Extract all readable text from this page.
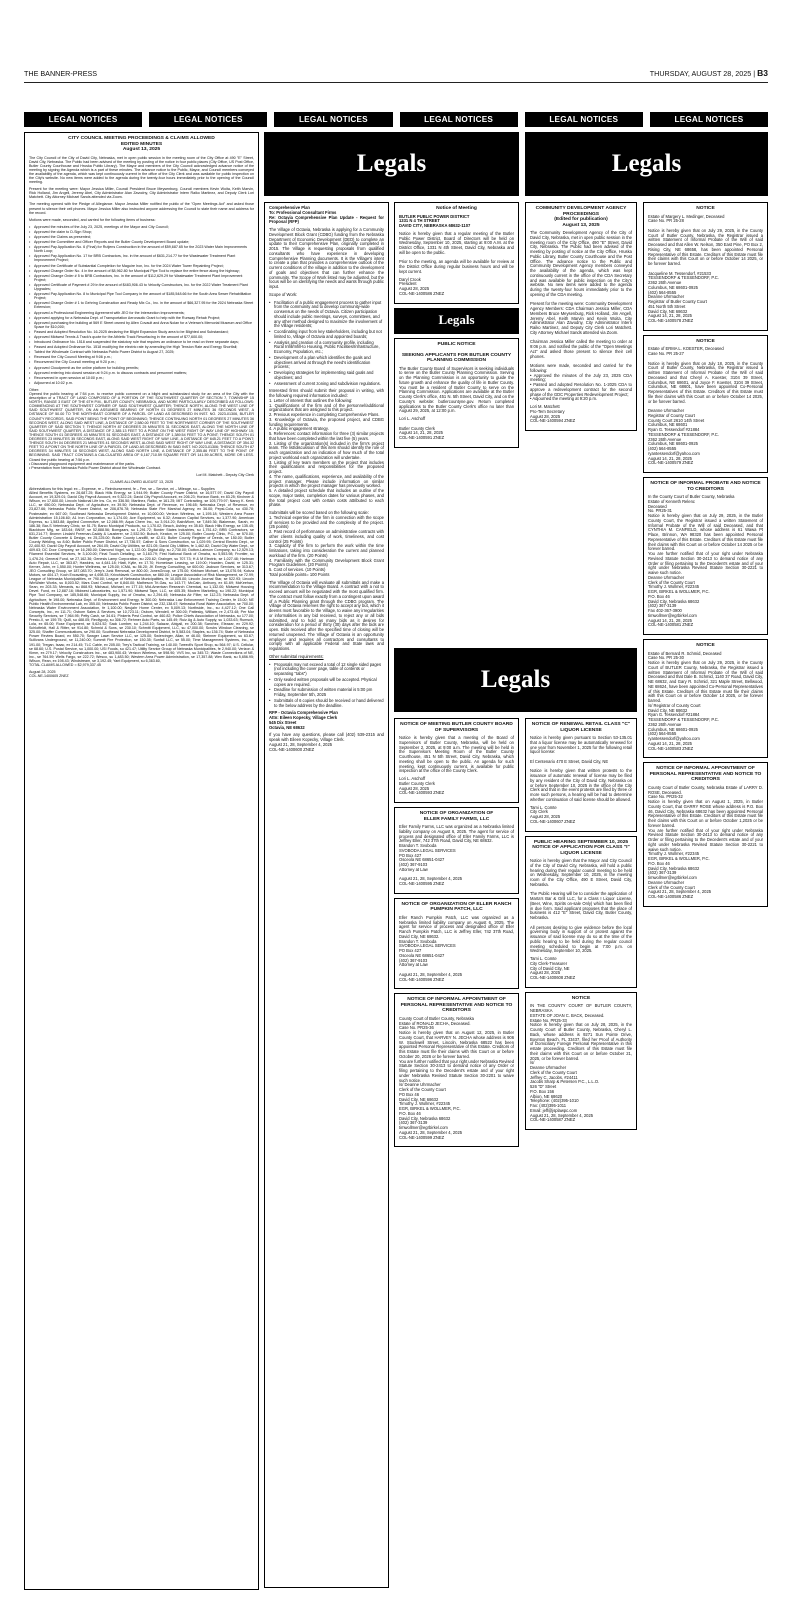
THE BANNER-PRESS	THURSDAY, AUGUST 28, 2025 | B3
LEGAL NOTICES	LEGAL NOTICES	LEGAL NOTICES	LEGAL NOTICES	LEGAL NOTICES	LEGAL NOTICES
CITY COUNCIL MEETING PROCEEDINGS & CLAIMS ALLOWED
EDITED MINUTES
August 13, 2025

The City Council of the City of David City, Nebraska, met in open public session in the meeting room of the City Office at 490 "E" Street, David City, Nebraska. The Public had been advised of the meeting by posting of the notice in four public places (City Office, US Post Office, Butler County Courthouse and Hruska Public Library). The Mayor and members of the City Council acknowledged advance notice of the meeting by signing the Agenda which is a part of these minutes. The advance notice to the Public, Mayor, and Council members conveyed the availability of the agenda, which was kept continuously current in the office of the City Clerk and was available for public inspection on the City's website. No new items were added to the agenda during the twenty-four hours immediately prior to the opening of the Council meeting.

Present for the meeting were: Mayor Jessica Miller, Council President Bruce Meysenburg, Council members Kevin Woita, Keith Marvin, Rick Holland, Jim Angell, Jeremy Abel, City Administrator Alan Zavodny, City Administrator Intern Raiko Martinez, and Deputy Clerk Lori Matchett. City Attorney Michael Sands attended via Zoom.

The meeting opened with the Pledge of Allegiance. Mayor Jessica Miller notified the public of the "Open Meetings Act" and asked those present to silence their cell phones. Mayor Jessica Miller also instructed anyone addressing the Council to state their name and address for the record.

Motions were made, seconded, and carried for the following items of business:

• Approved the minutes of the July 23, 2025, meetings of the Mayor and City Council;
• Approved the claim to D-Sign Shop;
• Approved the Claims as presented;
• Approved the Committee and Officer Reports and the Butler County Development Board update;
• Approved Pay Application No. 6 (Final) for Rutjens Construction in the amount of $59,687.65 for the 2023 Water Main Improvements North Loop;
• Approved Pay Application No. 17 for BRB Contractors, Inc. in the amount of $631,214.77 for the Wastewater Treatment Plant Improvement Project;
• Approved the Certificate of Substantial Completion for Maguire Iron, Inc. for the 2024 Water Tower Repainting Project;
• Approved Change Order No. 4 in the amount of $8,962.80 for Municipal Pipe Tool to replace the entire fence along the highway;
• Approved Change Order # 5 to BRB Contractors, Inc. in the amount of $112,629.29 for Wastewater Treatment Plant Improvement Project;
• Approved Certificate of Payment # 29 in the amount of $483,906.43 to Velocity Constructors, Inc. for the 2022 Water Treatment Plant Upgrades;
• Approved Pay Application No. 8 to Municipal Pipe Tool Company in the amount of $185,548.66 for the South Area Sewer Rehabilitation Project;
• Approved Change Order # 1 to Gehring Construction and Ready Mix Co., Inc. in the amount of $66,327.95 for the 2024 Nebraska Street Extension;
• Approved a Professional Engineering Agreement with JEO for the Intersection Improvements;
• Approved applying for a Nebraska Dept. of Transportation Aeronautic Grant to help with the Runway Rehab Project;
• Approved purchasing the building at 569 E Street owned by Allen Covault and Anna Nolan for a Veteran's Memorial Museum and Office Space for $10,000;
• Passed and Adopted Resolution No. 16-2025 declaring the Blight Expansion Study area to be Blighted and Substandard;
• Approved Midwest Tennis & Track's quote for the Athletic Track Resurfacing in the amount of $77,600.00;
• Introduced Ordinance No. 1518 and suspended the statutory rule that requires an ordinance to be read on three separate days;
• Passed and Adopted Ordinance No. 1518 modifying the electric rate by amending the High Tension Rate and Energy Shortfall;
• Tabled the Wholesale Contract with Nebraska Public Power District to August 27, 2025;
• Recessed the City Council Meeting at 9:06 p.m.;
• Reconvened the City Council meeting at 9:20 p.m.;
• Approved Cloudpermit as the online platform for building permits;
• Approved entering into closed session at 9:24 p.m. to discuss contracts and personnel matters;
• Reconvened in open session at 10:00 p.m.;
• Adjourned at 10:02 p.m.

Other:
Opened the public hearing at 7:54 p.m. to receive public comment on a blight and substandard study for an area of the City with the description of a TRACT OF LAND COMPOSED OF A PORTION OF THE SOUTHWEST QUARTER OF SECTION 7, TOWNSHIP 15 NORTH, RANGE 3 EAST OF THE 6TH P.M., BUTLER COUNTY, NEBRASKA, AND MORE PARTICULARLY DESCRIBED AS FOLLOWS: COMMENCING AT THE SOUTHWEST CORNER OF SAID SOUTHWEST QUARTER; THENCE NORTH, ALONG THE WEST LINE OF SAID SOUTHWEST QUARTER, ON AN ASSUMED BEARING OF NORTH 01 DEGREES 27 MINUTES 36 SECONDS WEST, A DISTANCE OF 50.00 TO THE NORTHEAST CORNER OF A PARCEL OF LAND AS DESCRIBED IN INST. NO. 2023-01306, BUTLER COUNTY RECORDS, SAID POINT BEING THE POINT OF BEGINNING; THENCE CONTINUING NORTH 01 DEGREES 27 MINUTES 36 SECONDS WEST, ALONG SAID WEST LINE, A DISTANCE OF 2,580.00 FEET TO THE NORTHWEST CORNER OF THE SOUTHWEST QUARTER OF SAID SECTION 7; THENCE NORTH 87 DEGREES 25 MINUTES 31 SECONDS EAST, ALONG THE NORTH LINE OF SAID SOUTHWEST QUARTER, A DISTANCE OF 2,385.13 FEET TO A POINT ON THE WEST RIGHT OF WAY LINE OF HIGHWAY 15; THENCE SOUTH 01 DEGREES 43 MINUTES 51 SECONDS EAST, A DISTANCE OF 1,389.54 FEET TO A POINT; THENCE SOUTH 01 DEGREES 23 MINUTES 35 SECONDS EAST, ALONG SAID WEST RIGHT OF WAY LINE, A DISTANCE OF 645.21 FEET TO A POINT; THENCE SOUTH 04 DEGREES 21 MINUTES 41 SECONDS WEST, ALONG SAID WEST RIGHT OF WAY LINE, A DISTANCE OF 354.32 FEET TO A POINT ON THE NORTH LINE OF A PARCEL OF LAND AS DESCRIBED IN SAID INST. NO 2023-01306; THENCE SOUTH 87 DEGREES 34 MINUTES 18 SECONDS WEST, ALONG SAID NORTH LINE, A DISTANCE OF 2,355.86 FEET TO THE POINT OF BEGINNING. SAID TRACT CONTAINS A CALCULATED AREA OF 6,167,710.59 SQUARE FEET OR 141.59 ACRES, MORE OR LESS. Closed the public hearing at 7:56 p.m.
• Discussed playground equipment and maintenance of the parks.
• Presentation from Nebraska Public Power District about the Wholesale Contract.

Lori M. Matchett - Deputy City Clerk

CLAIMS ALLOWED AUGUST 13, 2025

Abbreviations for this legal: ex – Expense, re – Reimbursement, fe – Fee, se – Service, mi – Mileage, su – Supplies
Allied Benefits Systems, ex 26,687.25; Black Hills Energy, se 1,944.99; Butler County Power District, se 16,577.97; David City Payroll Account, ex 19,329.01; David City Payroll Account, ex 9,322.24; David City Payroll Account, ex 206.23; Horizon Bank, ex 83.25; Kirchner & Wilson, ex 17,600.00; Lincoln National Life Ins. Co, ex 336.50; Martinez, Raiko, re 161.25; MIT Contracting, se 105,779.97; Nancy K. Kenk LLC, se 650.00; Nebraska Dept. of Agriculture, ex 39.50; Nebraska Dept. of Revenue, ex 196.65; Nebraska Dept. of Revenue, ex 23,827.66; Nebraska Public Power District, se 206,876.78; Nebraska State Fire Marshal Agency, ex 36.00; Pepsi-Cola, su 430.78; Postmaster, ex 667.00; Southeast Nebraska Development District, ex 10,000.00; Verizon Wireless, se 1,195.18; Western Area Power Administration 15,106.60; A1 Iron Corporation, su 1,174.00; Ace Equipment, su 6.32; Amazon Capital Services, su 1,377.90; American Express, su 1,583.88; Applied Connective, se 12,066.99; Aqua Chem Inc., su 3,914.20; BairdWorn, se 7,849.36; Blakeman, Sarah, ex 186.38; Bar-S Veterinary Clinic, se 51.75; Barco Municipal Products, su 1,170.02; Beach, Ashley, ex 35.63; Black Hills Energy, se 135.45; Blackburn Mfg, se 183.64; BNSF, se 52,888.56; Bomgaars, su 1,291.72; Border States Industries, su 1,751.42; BRB Contractors, se 631,214.77; Bromm Lindahl Freeman-Caddy & Lausterer, se 2,532.50; Buisch, Keaton, re 125.00; Butler County Clinic, P.C., se 570.00; Butler County Concrete & Design, ex 25,225.00; Butler County Landfill, se 42.01; Butler County Register of Deeds, se 150.00; Butler County Welding, su 8.60; Butler Public Power District, se 17,736.57; Cather & Sons Construction, su 1,029.95; Central Electric Dept., se 22,400.92; David City Payroll Account, se 264.05; David City Utilities, se 821.05; David City Utilities, fe 1,462.82; David City Water Dept., se 409.63; DC Door Company, se 16,280.00; Diamond Vogel, su 1,122.00; Digital Ally, su 2,730.00; Dutton-Lainson Company, su 12,529.13; Filament Essential Services, fe 3,100.00; Final Touch Detailing, se 3,163.79; First National Bank of Omaha, su 5,553.98; Frontier, su 1,476.24; General Fund, se 27,162.36; Genesis Lamp Corporation, su 220.62; Grainger, su 707.73; H & M Electric, se 1,027.48; Hartman Auto Repair, LLC, se 363.87; Hawkins, su 4,641.18; Hiatt, Kylie, ex 17.70; Hometown Leasing, se 119.00; Howden, David, re 125.31; Kerner, John, re 1,550.00; Hunter Wellness, se 125.00; ICMA, su 56.20; JK Energy Consulting, se 600.00; Jackson Services, se 313.67; JEO Consulting Group, se 187,083.70; Jerry's Junk Removal, se 800.00; JonesGroup, se 175.00; Kirkham Michael, se 13,076.94; Kobza Motors, se 404.17; Koch Excavating, se 4,698.33; Krivohlavek Construction, se 880.00; League Association of Risk Management, se 72.99; League of Nebraska Municipalities, re 790.00; League of Nebraska Municipalities, fe 10,005.00; Lincoln Journal Star, se 522.93; Lincoln WinWater Works, su 8,003.52; Mars Dust Control, se 6,840.00; Matheson Tri-Gas, su 143.77; McCain, Anthony, ex 61.69; McKeehan, Sean, ex 203.33; Menards, su 868.93; Michaud, Michael, ex 177.15; Mid-American Research Chemical, su 1,132.00; Midwest Housing Devel. Fund, ex 12,887.16; Midwest Laboratories, su 1,571.90; Midwest Tape, LLC, se 405.35; Modern Marketing, su 190.22; Municipal Pipe Tool Company, se 185,548.66; Municipal Supply, Inc of Omaha, su 2,294.45; Nebraska Air Filter, se 112.23; Nebraska Dept. of Agriculture, fe 198.00; Nebraska Dept. of Environment and Energy, fe 300.00; Nebraska Law Enforcement Training Center, fe 15.00; NE Public Health Environmental Lab, ex 355.00; Nebraska Public Power District, se 232,138.67; Nebraska Rural Water Association, se 700.00; Nebraska Water Environment Association, fe 1,100.00; Neujahr Home Center, ex 5,009.13; Northside, Inc., su 4,427.12; One Call Concepts, Inc., ex 111.71; Osborn Sales & Services, se 10,723.11; Osborn, Wendell, re 300.00; Pattesky, William, re 2,473.48; Per Mar Security Services, se 7,964.95; Petty Cash, se 34.61; Pinkerts Pest Control, se 460.82; Police Chiefs Association of Nebraska, su 177.00; Presto-X, se 159.75; Quill, su 488.05; Recllypoly, su 306.72; Rehmer Auto Parts, su 145.49; Ruiz Ag & Auto Supply, su 1,033.63; Rumsch, Lola, ex 65.00; Rose Equipment, se 5,624.52; Sack Lumber, su 1,244.10; Salazar, Abigail, ex 200.38; Sanchez, Eleazar, ex 229.92; Schlotfeldt, Hall & Ritter, se 914.80; Schmid & Sons, se 230.10; Schmitt Equipment, LLC, su 47,000.00; Scrubs Window Cleaning, se 325.00; Shaffer Communications, se 290.00; Southeast Nebraska Development District, fe 5,583.04; Staples, su 136.74; State of Nebraska Power Review Board, ex 550.70; Swager Lawn Service LLC, se 125.00; Swiercinger, Allan, re 46.00; Steinner Equipment, su 63.67; Sullivans Underground, se 11,240.00; Summit Fire Protection, se 150.35; Sunfall LLC, se 55.00; Time Management Systems, Inc., se 191.00; Tregan, Isaac, ex 214.45; TLC Cable, ex 205.00; Trey's Tactical Training, se 140.00; Tweedt's Sport Shop, su 564.97; U.S. Cellular, se 68.60; U.S. Postal Service, su 1,000.00; USI Foods, su 421.47; Utility Service Group of Nebraska Municipalities, fe 2,940.00; Verizon & Kimm, ex 279.17; Velocity Constructors Inc., se 483,900.43; Verizon Wireless, se 598.90; VVS Inc, su 345.72; Waste Connections of NE, Inc., se 764.59; Wells Fargo, se 222.72; Wesco, su 1,483.50; Western Area Power Administration, se 17,357.88; Wex Bank, su 5,656.95; Wilson, Rean, ex 198.43; Windstream, se 3,192.45; Yant Equipment, su 6,363.60,
TOTAL CLAIMS ALLOWED = $2,979,337.45

August 28, 2025
COL-NE-1400605 ZNEZ

Legals	Legals

Comprehensive Plan
To: Professional Consultant Firms
Re: Octavia Comprehensive Plan Update - Request for Proposal (RFP)

The Village of Octavia, Nebraska is applying for a Community Development Block Grant (CDBG) funding from the Nebraska Department of Economic Development (DED) to complete an update to their Comprehensive Plan, originally completed in 2015. The Village is requesting proposals from qualified consultants who have experience in developing Comprehensive Planning documents. It is the Village's intent to create a plan that provides a comprehensive outlook of the current conditions of the village in addition to the development of goals and objectives that can further enhance the community. The Scope of Work listed may be adjusted, but the focus will be on identifying the needs and wants through public input.

Scope of Work:

• Facilitation of a public engagement process to gather input from the community and to develop community-wide consensus on the needs of Octavia. Citizen participation should include public meetings, surveys, committees, and any other method designed to maximize the involvement of the Village residents;
• Coordinating input from key stakeholders, including but not limited to, Village of Octavia and appointed boards;
• Analysis and creation of a community profile, including Rural Infill/Infill-to Housing, Public Facilities/Infrastructure, Economy, Population, etc.;
• Development of a plan which identifies the goals and objectives arrived at through the need's identification process;
• Developing strategies for implementing said goals and objectives; and
• Assessment of current zoning and subdivision regulations.

Interested firms should submit their proposal in writing, with the following required information included:
1. Letter of interest that outlines the following:
1. Qualifications of the firm and of the personnel/additional organizations that are assigned to this project.
2. Previous experience in completing Comprehensive Plans.
3. Knowledge of Octavia, the proposed project, and CDBG funding requirements.
4. A public engagement strategy.
5. References: contact information for three (3) similar projects that have been completed within the last five (5) years.
2. Listing of the organization(s) included in the firm's project team. The list/discussion of this item should identify the role of each organization and an indication of how much of the total project workload each organization will undertake.
3. Listing of key team members on the project that includes their qualifications and responsibilities for the proposed project.
4. The name, qualifications, experience, and availability of the project manager. Please include information on similar projects in which the project manager has previously worked.
5. A detailed project schedule that includes an outline of the scope, major tasks, completion dates for various phases, and the total project cost with certain costs attributed to each phase.

Submittals will be scored based on the following scale:
1. Technical expertise of the firm in connection with the scope of services to be provided and the complexity of the project. (25 points)
2. Past record of performance on administrative contracts with other clients including quality of work, timeliness, and cost control (25 Points)
3. Capacity of the firm to perform the work within the time limitations, taking into consideration the current and planned workload of the firm. (20 Points)
4. Familiarity with the Community Development Block Grant Program Guidelines. (20 Points)
5. Cost of services. (10 Points)
Total possible points= 100 Points

The Village of Octavia will evaluate all submittals and make a recommendation to the Village Board. A contract with a not to exceed amount will be negotiated with the most qualified firm. The contract must follow exactly from a contingent upon award of a Public Planning grant through the CDBG program. The Village of Octavia reserves the right to accept any but, which it deems most favorable to the Village, to waive any irregularities or informalities in any bid received, to reject any or all bids submitted, and to hold as many bids as it desires for consideration for a period of thirty (30) days after the bids are open. Bids received after the specified time of closing will be returned unopened. The Village of Octavia is an opportunity employer and requires all contractors and consultants to comply with all applicable Federal and State laws and regulations.

Other submittal requirements:

• Proposals may not exceed a total of 12 single sided pages (not including the cover page, table of contents or separating "tabs")
• Only sealed written proposals will be accepted. Physical copies are required.
• Deadline for submission of written material is 5:00 pm Friday, September 5th, 2025
• Submittals of 6 copies should be received or hand delivered to the below address by the deadline.

RFP - Octavia Comprehensive Plan
Attn: Eileen Kopecky, Village Clerk
545 Dix Street
Octavia, NE 68632

If you have any questions, please call (402) 539-2315 and speak with Eileen Kopecky, Village Clerk.
August 21, 28, September 4, 2025
COL-NE-1400600 ZNEZ

Notice of Meeting

BUTLER PUBLIC POWER DISTRICT
1331 N 4 TH STREET
DAVID CITY, NEBRASKA 68632-1107

Notice is hereby given that a regular meeting of the Butler Public Power District, Board of Directors will be held on Wednesday, September 10, 2025, starting at 9:00 A.M. at the District Office, 1331 N 4th Street, David City, Nebraska and will be open to the public.

Prior to the meeting, an agenda will be available for review at the District Office during regular business hours and will be kept current.

Daryl Crook
President
August 28, 2025
COL-NE-1400586 ZNEZ

Legals
PUBLIC NOTICE

SEEKING APPLICANTS FOR BUTLER COUNTY PLANNING COMMISSION

The Butler County Board of Supervisors is seeking individuals to serve on the Butler County Planning Commission. Serving on the Planning Commission is an opportunity to guide the future growth and enhance the quality of life in Butler County. You must be a resident of Butler County to serve on the Planning Commission. Applications are available at the Butler County Clerk's office, 451 N. 5th Street, David City, and on the County's website: butlercountyne.gov. Return completed applications to the Butler County Clerk's office no later than August 29, 2025, at 12:00 p.m.

Lori L. Aschoff

Butler County Clerk
August 14, 21, 28, 2025
COL-NE-1400591 ZNEZ

Legals
NOTICE OF MEETING BUTLER COUNTY BOARD OF SUPERVISORS

Notice is hereby given that a meeting of the Board of Supervisors of Butler County, Nebraska, will be held on September 2, 2025, at 9:00 a.m. The meeting will be held in the Supervisors Meeting Room of the Butler County Courthouse, 451 N 5th Street, David City, Nebraska, which meeting shall be open to the public. An agenda for such meeting, kept continuously current, is available for public inspection at the office of the County Clerk.

Lori L. Aschoff
Butler County Clerk
August 28, 2025
COL-NE-1400593 ZNEZ

NOTICE OF ORGANIZATION OF
ELLER FAMILY FARMS, LLC

Eller Family Farms, LLC was organized as a Nebraska limited liability company on August 6, 2025. The agent for service of process and designated office of Eller Family Farms, LLC is Jeffrey Eller, 742 37th Road, David City, NE 68632.
Brandon T. Svoboda
SVOBODA LEGAL SERVICES
PO Box 427
Osceola NE 68651-0427
(402) 367-9103
Attorney at Law

August 21, 28, September 4, 2025
COL-NE-1400595 ZNEZ

NOTICE OF ORGANIZATION OF ELLER RANCH PUMPKIN PATCH, LLC

Eller Ranch Pumpkin Patch, LLC was organized as a Nebraska limited liability company on August 6, 2025. The agent for service of process and designated office of Eller Ranch Pumpkin Patch, LLC is Jeffrey Eller, 742 37th Road, David City, NE 68632.
Brandon T. Svoboda
SVOBODA LEGAL SERVICES
PO Box 427
Osceola NE 68651-0427
(402) 367-9103
Attorney at Law

August 21, 28, September 4, 2025
COL-NE-1400596 ZNEZ

NOTICE OF INFORMAL APPOINTMENT OF PERSONAL REPRESENTATIVE AND NOTICE TO CREDITORS

County Court of Butler County, Nebraska
Estate of RONALD JECHA, Deceased.
Case No. PR25-36
Notice is hereby given that on August 12, 2025, in Butler County Court, that HARVEY N. JECHA whose address is 906 W. Stockwell Street, Lincoln, Nebraska 68522 has been appointed Personal Representative of this Estate. Creditors of this Estate must file their claims with this Court on or before October 20, 2026 or be forever barred.
You are further notified that your right under Nebraska Revised Statute Section 30-2413 to demand notice of any Order or filing pertaining to the Decedent's estate and of your right under Nebraska Revised Statute Section 30-2201 to waive such notice.
/s/ Deanne Uhrmacher
Clerk of the County Court
PO Box 46
David City, NE 68632
Timothy J. Wollmer, #22345
EGR, BIRKEL & WOLLMER, P.C.
P.O. Box 46
David City, Nebraska 68632
(402) 367-3139
timwollmer@egrbirkel.com
August 21, 28, September 4, 2025
COL-NE-1400599 ZNEZ

COMMUNITY DEVELOPMENT AGENCY PROCEEDINGS
(Edited for publication)
August 13, 2025

The Community Development Agency of the City of David City, Nebraska, met in open public session in the meeting room of the City Office, 490 "E" Street, David City, Nebraska. The Public had been advised of the meeting by posting of notice at the City Office, Hruska Public Library, Butler County Courthouse and the Post Office. The advance notice to the Public and Community Development Agency members conveyed the availability of the agenda, which was kept continuously current in the office of the CDA Secretary and was available for public inspection on the City's website. No new items were added to the agenda during the twenty-four hours immediately prior to the opening of the CDA meeting.

Present for the meeting were: Community Development Agency Members: CDA Chairman Jessica Miller, CDA Members Bruce Meysenburg, Rick Holland, Jim Angell, Jeremy Abel, Keith Marvin and Kevin Woita, City Administrator Alan Zavodny, City Administrator Intern Raiko Martinez, and Deputy City Clerk Lori Matchett. City Attorney Michael Sands attended via Zoom.

Chairman Jessica Miller called the meeting to order at 9:06 p.m. and notified the public of the "Open Meetings Act" and asked those present to silence their cell phones.

Motions were made, seconded and carried for the following:
• Approved the minutes of the July 23, 2025 CDA meeting;
• Passed and adopted Resolution No. 1-2025 CDA to approve a redevelopment contract for the second phase of the GDC Properties Redevelopment Project;
• Adjourned the meeting at 9:20 p.m.

Lori M. Matchett
Pro-Tem Secretary
August 28, 2025
COL-NE-1400594 ZNEZ

NOTICE OF RENEWAL RETAIL CLASS "C" LIQUOR LICENSE

Notice is hereby given pursuant to Section 53-135.01 that a liquor license may be automatically renewed for one year from November 1, 2025 for the following retail liquor license:

El Centenario 470 E Street, David City, NE

Notice is hereby given that written protests to the issuance of automatic renewal of license may be filed by any resident of the City of David City, Nebraska on or before September 10, 2025 in the office of the City Clerk and that in the event protests are filed by three or more such persons, a hearing will be had to determine whether continuation of said license should be allowed.

Tami L. Comte
City Clerk
August 28, 2025
COL-NE-1400607 ZNEZ

PUBLIC HEARING SEPTEMBER 10, 2025 NOTICE OF APPLICATION FOR CLASS "I" LIQUOR LICENSE

Notice is hereby given that the Mayor and City Council of the City of David City, Nebraska, will hold a public hearing during their regular council meeting to be held on Wednesday, September 10, 2025, in the meeting room of the City Office, 490 E Street, David City, Nebraska.

The Public Hearing will be to consider the application of Marta's Bar & Grill LLC, for a Class I Liquor License, (Beer, Wine, Spirits on-sale Only) which has been filed in due form. Said applicant proposes that the place of business is 412 "E" Street, David City, Butler County, Nebraska.

All persons desiring to give evidence before the local governing body in support of or protest against the issuance of said license may do so at the time of the public hearing to be held during the regular council meeting scheduled to begin at 7:00 p.m. on Wednesday, September 10, 2025.

Tami L. Comte
City Clerk-Treasurer
City of David City, NE
August 28, 2025
COL-NE-1400608 ZNEZ

NOTICE

IN THE COUNTY COURT OF BUTLER COUNTY, NEBRASKA
ESTATE OF JOAN C. BACK, Deceased.
Estate No. PR25-33
Notice is hereby given that on July 28, 2025, in the County Court of Butler County, Nebraska, Cheryl L. Back, whose address is 9271 Sun Pointe Drive, Boynton Beach, FL 33437, filed her Proof of Authority of Domiciliary Foreign Personal Representative in this estate proceeding. Creditors of this Estate must file their claims with this Court on or before October 21, 2025, or be forever barred.
/s/
Deanne Uhrmacher
Clerk of the County Court
Jeffrey C. Jacobs, #24411
Jacobs Sharp & Petersen P.C., L.L.O.
526 "D" Street
P.O. Box 156
Albion, NE 68620
Telephone: (402)395-1010
Fax: (402)395-1011
Email: jeff@jsplawpc.com
August 21, 28, September 4, 2025
COL-NE-1400587 ZNEZ

NOTICE

Estate of Margery L. Medinger, Deceased
Case No. PR 25-28

Notice is hereby given that on July 29, 2025, in the County Court of Butler County, Nebraska, the Registrar issued a written Statement of Informal Probate of the Will of said Deceased and that Allen W. Nelson, 350 East Pine, PO Box 2, Rising City, NE 68658, has been appointed Personal Representative of this Estate. Creditors of this Estate must file their claims with this Court on or before October 14 2025, or be forever barred.

Jacqueline M. Tessendorf, #21533
TESSENDORF & TESSENDORF, P.C.
2362 26th Avenue
Columbus, NE 68601-0925
(402) 564-8555
Deanne Uhrmacher
Registrar of Butler County Court
451 North 5th Street
David City, NE 68632
August 14, 21, 28, 2025
COL-NE-1400578 ZNEZ

NOTICE

Estate of ERMA L. KOESTER, Deceased
Case No. PR 25-27

Notice is hereby given that on July 18, 2025, in the County Court of Butler County, Nebraska, the Registrar issued a written Statement of Informal Probate of the Will of said Deceased and that Cheryl A. Koester, 3104 39 Street, Columbus, NE 68601, and Joyce F. Koester, 3104 39 Street, Columbus, NE 68601, have been appointed Co-Personal Representatives of this Estate. Creditors of this Estate must file their claims with this Court on or before October 14 2025, or be forever barred.

Deanne Uhrmacher
Registrar of County Court
County Court 2610 14th Street
Columbus, NE 68601
Ryan G. Tessendorf #21884
TESSENDORF & TESSENDORF, P.C.
2362 26th Avenue
Columbus, NE 68601-0925
(402) 564-8555
ryantessendorf@yahoo.com
August 14, 21, 28, 2025
COL-NE-1400579 ZNEZ

NOTICE OF INFORMAL PROBATE AND NOTICE TO CREDITORS

In the County Court of Butler County, Nebraska
Estate of Kenneth Relenc
Deceased
No. PR25-31
Notice is hereby given that on July 29, 2025, in the Butler County Court, the Registrar issued a written Statement of Informal Probate of the Will of said Deceased, and that CYNTHIA M. CANFIELD, whose address is 61 Wawa Pt Place, Brinnon, WA 98320 has been appointed Personal Representative of this Estate. Creditors of this Estate must file their claims with this Court on or before October 14 2025 or be forever barred.
You are further notified that of your right under Nebraska Revised Statute Section 30-2413 to demand notice of any Order or filing pertaining to the Decedent's estate and of your right under Nebraska Revised Statute Section 30-2221 to waive such notice.
Deanne Uhrmacher
Clerk of the County Court
Timothy J. Wollmer, #22345
EGR, BIRKEL & WOLLMER, P.C.
P.O. Box 46
David City, Nebraska 68632
(402) 367-3139
Fax 402-367-3900
timwollmer@egrbirkel.com
August 14, 21, 28, 2025
COL-NE-1400581 ZNEZ

NOTICE

Estate of Bernard R. Schmid, Deceased
Case No. PR 25-30
Notice is hereby given that on July 29, 2025, in the County Court of BUTLER County, Nebraska, the Registrar issued a written Statement of Informal Probate of the Will of said Deceased and that Dale B. Schmid, 1140 37 Road, David City, NE 68632, and Gary R. Schmid, 321 Maple Street, Bellwood, NE 68624, have been appointed Co-Personal Representatives of this Estate. Creditors of this Estate must file their claims with this Court on or before October 14 2025, or be forever barred.
/s/ Registrar of County Court
David City, NE 68632
Ryan G. Tessendorf #21884
TESSENDORF & TESSENDORF, P.C.
2362 26th Avenue
Columbus, NE 68601-0925
(402) 564-8555
ryantessendorf@yahoo.com
August 14, 21, 28, 2025
COL-NE-1400583 ZNEZ

NOTICE OF INFORMAL APPOINTMENT OF PERSONAL REPRESENTATIVE AND NOTICE TO CREDITORS

County Court of Butler County, Nebraska Estate of LARRY D. ROSE, Deceased.
Case No. PR25-32
Notice is hereby given that on August 1, 2025, in Butler County Court, that GARRY ROSE whose address is P.O. Box 46, David City, Nebraska 68632 has been appointed Personal Representative of this Estate. Creditors of this Estate must file their claims with this Court on or before October 1,2025 or be forever barred.
You are further notified that of your right under Nebraska Revised Statute Section 30-2413 to demand notice of any Order or filing pertaining to the Decedent's estate and of your right under Nebraska Revised Statute Section 30-2221 to waive such notice.
Timothy J. Wollmer, #22345
EGR, BIRKEL & WOLLMER, P.C.
P.O. Box 46
David City, Nebraska 68632
(402) 367-3139
timwollmer@egrbirkel.com
Deanne Uhrmacher
Clerk of the County Court
August 21, 28, September 4, 2025
COL-NE-1400586 ZNEZ
